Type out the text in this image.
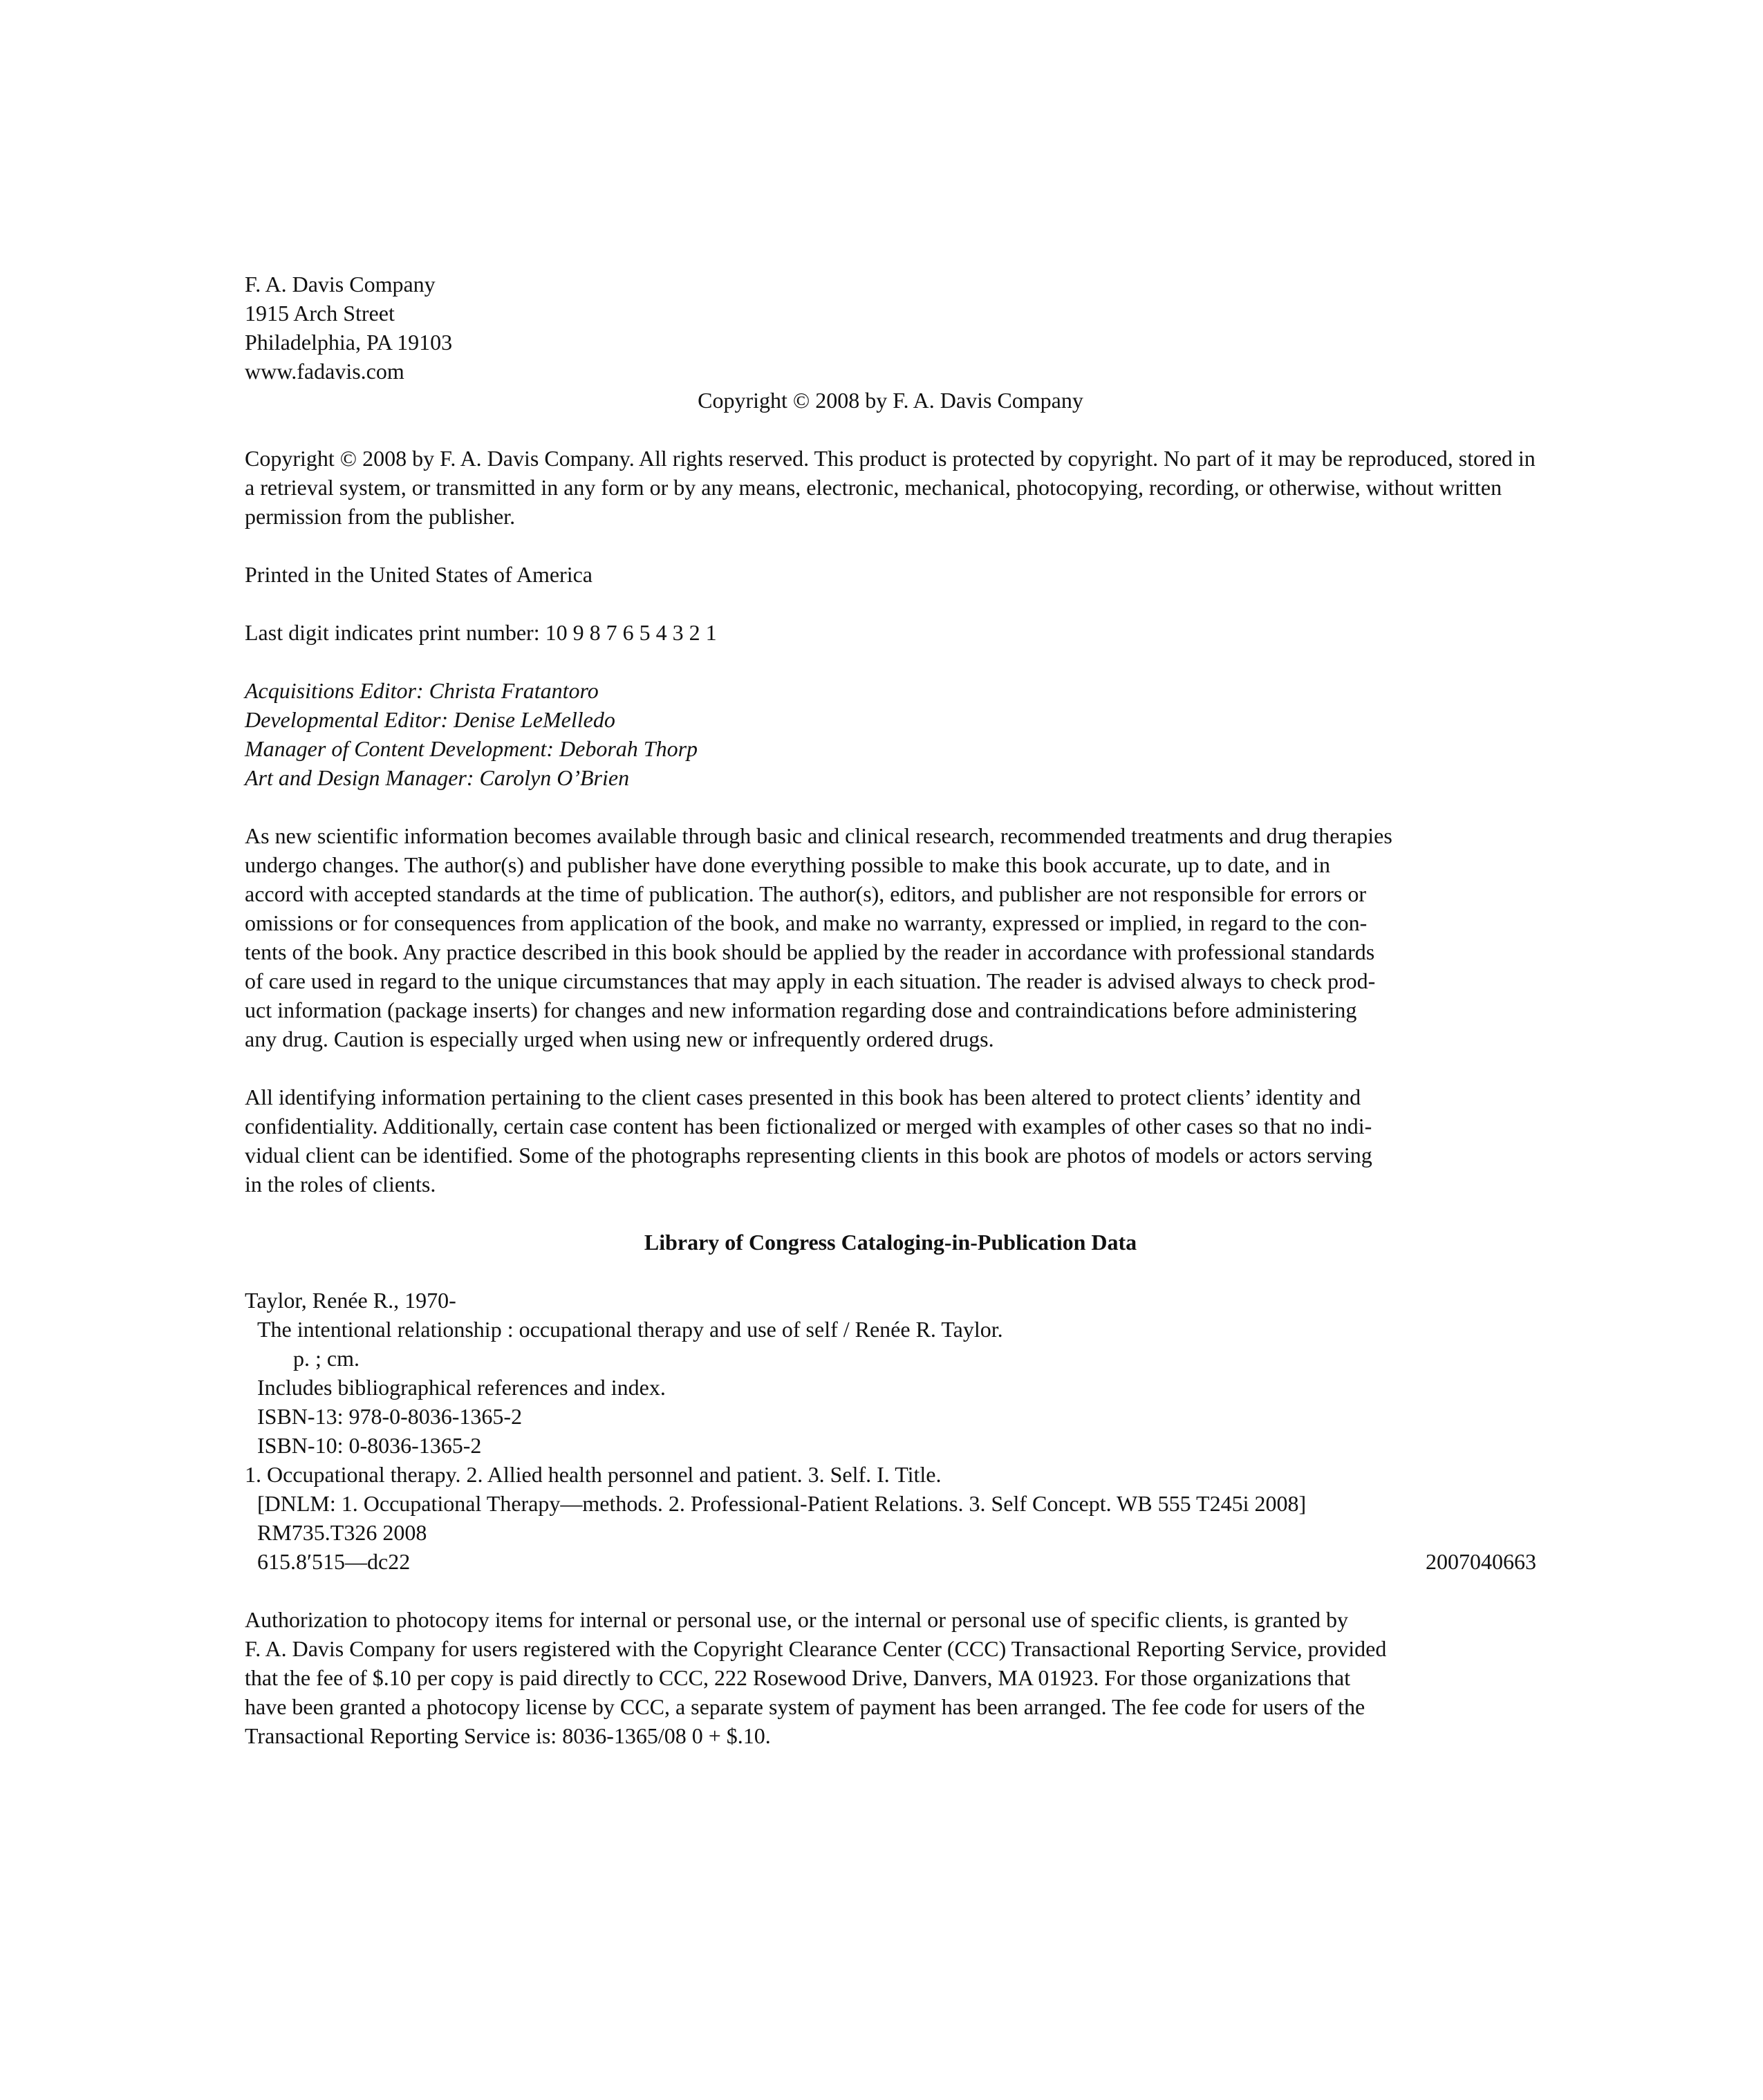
F. A. Davis Company
1915 Arch Street
Philadelphia, PA 19103
www.fadavis.com
Copyright © 2008 by F. A. Davis Company
Copyright © 2008 by F. A. Davis Company. All rights reserved. This product is protected by copyright. No part of it may be reproduced, stored in a retrieval system, or transmitted in any form or by any means, electronic, mechanical, photocopying, recording, or otherwise, without written permission from the publisher.
Printed in the United States of America
Last digit indicates print number: 10 9 8 7 6 5 4 3 2 1
Acquisitions Editor: Christa Fratantoro
Developmental Editor: Denise LeMelledo
Manager of Content Development: Deborah Thorp
Art and Design Manager: Carolyn O’Brien
As new scientific information becomes available through basic and clinical research, recommended treatments and drug therapies
undergo changes. The author(s) and publisher have done everything possible to make this book accurate, up to date, and in
accord with accepted standards at the time of publication. The author(s), editors, and publisher are not responsible for errors or
omissions or for consequences from application of the book, and make no warranty, expressed or implied, in regard to the con-
tents of the book. Any practice described in this book should be applied by the reader in accordance with professional standards
of care used in regard to the unique circumstances that may apply in each situation. The reader is advised always to check prod-
uct information (package inserts) for changes and new information regarding dose and contraindications before administering
any drug. Caution is especially urged when using new or infrequently ordered drugs.
All identifying information pertaining to the client cases presented in this book has been altered to protect clients’ identity and
confidentiality. Additionally, certain case content has been fictionalized or merged with examples of other cases so that no indi-
vidual client can be identified. Some of the photographs representing clients in this book are photos of models or actors serving
in the roles of clients.
Library of Congress Cataloging-in-Publication Data
Taylor, Renée R., 1970-
The intentional relationship : occupational therapy and use of self / Renée R. Taylor.
p. ; cm.
Includes bibliographical references and index.
ISBN-13: 978-0-8036-1365-2
ISBN-10: 0-8036-1365-2
1. Occupational therapy. 2. Allied health personnel and patient. 3. Self. I. Title.
[DNLM: 1. Occupational Therapy—methods. 2. Professional-Patient Relations. 3. Self Concept. WB 555 T245i 2008]
RM735.T326 2008
615.8′515—dc22	2007040663
Authorization to photocopy items for internal or personal use, or the internal or personal use of specific clients, is granted by
F. A. Davis Company for users registered with the Copyright Clearance Center (CCC) Transactional Reporting Service, provided
that the fee of $.10 per copy is paid directly to CCC, 222 Rosewood Drive, Danvers, MA 01923. For those organizations that
have been granted a photocopy license by CCC, a separate system of payment has been arranged. The fee code for users of the
Transactional Reporting Service is: 8036-1365/08 0 + $.10.
